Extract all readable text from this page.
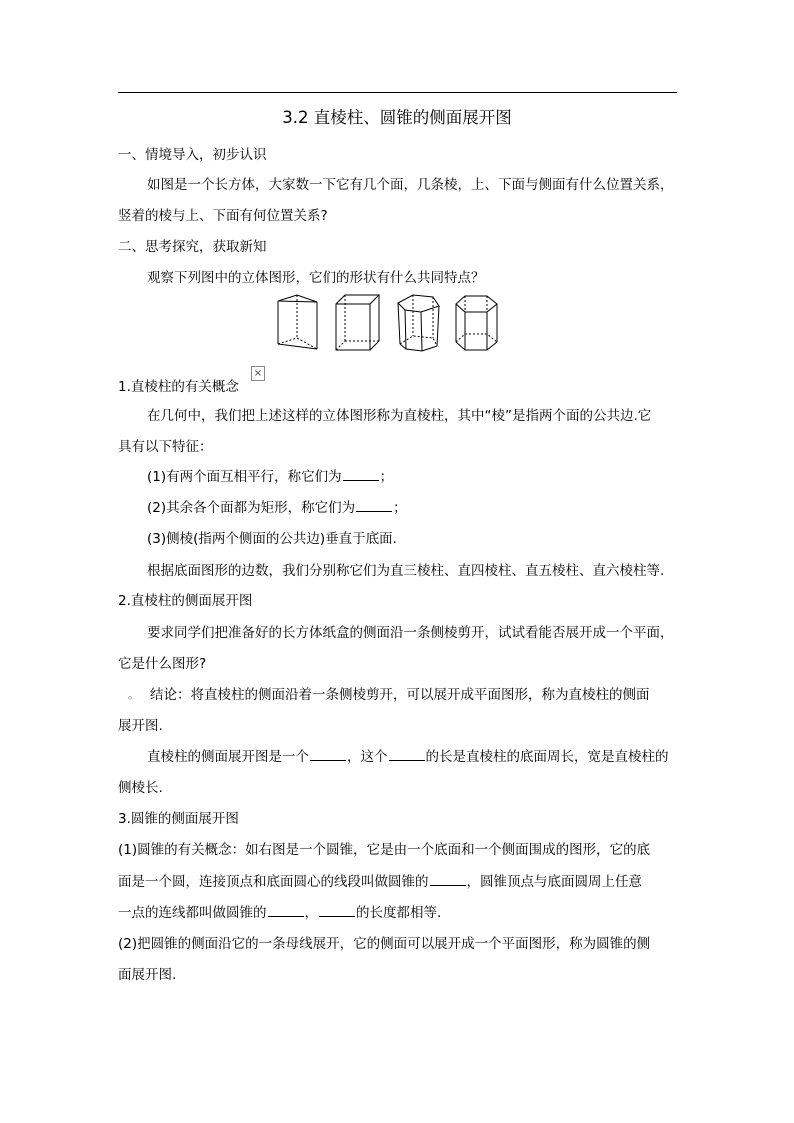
3.2 直棱柱、圆锥的侧面展开图
一、情境导入，初步认识
如图是一个长方体，大家数一下它有几个面，几条棱，上、下面与侧面有什么位置关系，
竖着的棱与上、下面有何位置关系?
二、思考探究，获取新知
观察下列图中的立体图形，它们的形状有什么共同特点？
1.直棱柱的有关概念
×
在几何中，我们把上述这样的立体图形称为直棱柱，其中“棱”是指两个面的公共边.它
具有以下特征：
(1)有两个面互相平行，称它们为	；
(2)其余各个面都为矩形，称它们为	；
(3)侧棱(指两个侧面的公共边)垂直于底面.
根据底面图形的边数，我们分别称它们为直三棱柱、直四棱柱、直五棱柱、直六棱柱等.
2.直棱柱的侧面展开图
要求同学们把准备好的长方体纸盒的侧面沿一条侧棱剪开，试试看能否展开成一个平面，
它是什么图形?
。 结论：将直棱柱的侧面沿着一条侧棱剪开，可以展开成平面图形，称为直棱柱的侧面
展开图.
直棱柱的侧面展开图是一个	，这个	的长是直棱柱的底面周长，宽是直棱柱的
侧棱长.
3.圆锥的侧面展开图
(1)圆锥的有关概念：如右图是一个圆锥，它是由一个底面和一个侧面围成的图形，它的底
面是一个圆，连接顶点和底面圆心的线段叫做圆锥的	，圆锥顶点与底面圆周上任意
一点的连线都叫做圆锥的	，	的长度都相等.
(2)把圆锥的侧面沿它的一条母线展开，它的侧面可以展开成一个平面图形，称为圆锥的侧
面展开图.
